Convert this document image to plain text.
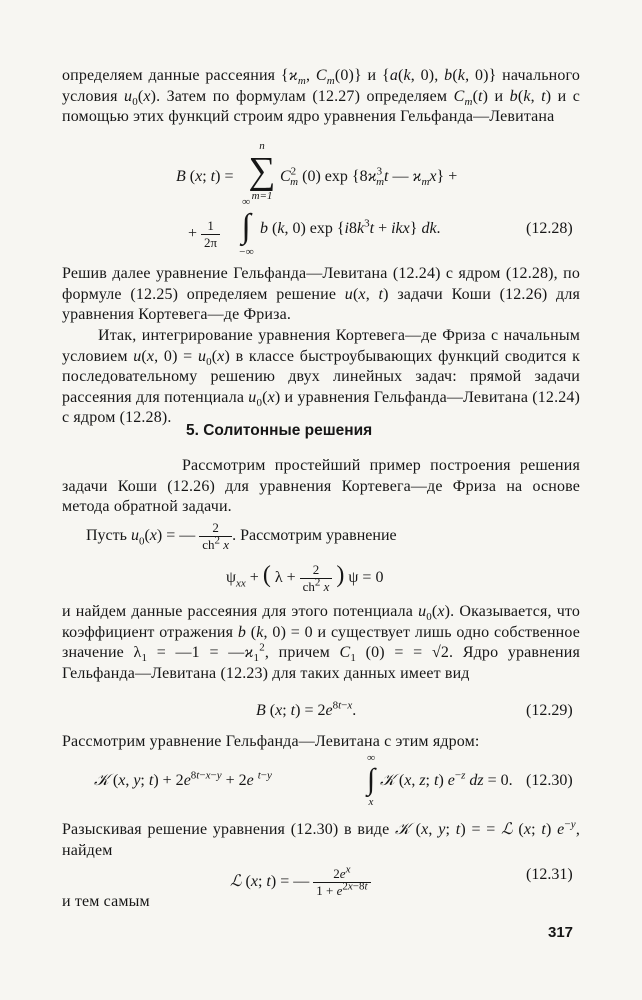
определяем данные рассеяния {$ϰ_m$, $C_m(0)$} и {a(k, 0), b(k, 0)} начального условия $u_0(x)$. Затем по формулам (12.27) определяем $C_m(t)$ и b(k, t) и с помощью этих функций строим ядро уравнения Гельфанда—Левитана
B (x; t) =
n
∑
m=1
$C^2_m$ (0) $\exp \{8ϰ^3_mt$ — $ϰ_mx$} +
+ $\frac{1}{2\pi}$
∞
∫
−∞
b (k, 0) $\exp \{i8k^3t + ikx\}$ dk.	(12.28)
Решив далее уравнение Гельфанда—Левитана (12.24) с ядром (12.28), по формуле (12.25) определяем решение u(x, t) задачи Коши (12.26) для уравнения Кортевега—де Фриза.
Итак, интегрирование уравнения Кортевега—де Фриза с начальным условием u(x, $0) = u_0(x)$ в классе быстроубывающих функций сводится к последовательному решению двух линейных задач: прямой задачи рассеяния для потенциала $u_0(x)$ и уравнения Гельфанда—Левитана (12.24) с ядром (12.28).
5. Солитонные решения
Рассмотрим простейший пример построения решения задачи Коши (12.26) для уравнения Кортевега—де Фриза на основе метода обратной задачи.
Пусть $u_0(x)$ = — $\frac{2}{ch^2 x}$ . Рассмотрим уравнение
$\psi_{xx}$ + ( $\lambda + \frac{2}{ch^2 x}$ ) ψ = 0
и найдем данные рассеяния для этого потенциала $u_0(x)$. Оказывается, что коэффициент отражения b (k, 0) = 0 и существует лишь одно собственное значение $\lambda_1$ = —1 = $—ϰ_1^2$, причем $C_1$ (0) = = √2. Ядро уравнения Гельфанда—Левитана (12.23) для таких данных имеет вид
B (x; $t) = 2e^{8t-x}$.	(12.29)
Рассмотрим уравнение Гельфанда—Левитана с этим ядром:
𝒦 (x, y; $t) + 2e^{8t-x-y} + 2e$ $^{t-y}$
∞
∫
x
𝒦 (x, z; t) $e^{-z}$ dz = 0. (12.30)
Разыскивая решение уравнения (12.30) в виде 𝒦 (x, y; t) = = ℒ (x; t) $e^{-y}$, найдем
ℒ (x; t) = — $\frac{2e^x}{1 + e^{2x-8t}}$	(12.31)
и тем самым
317
